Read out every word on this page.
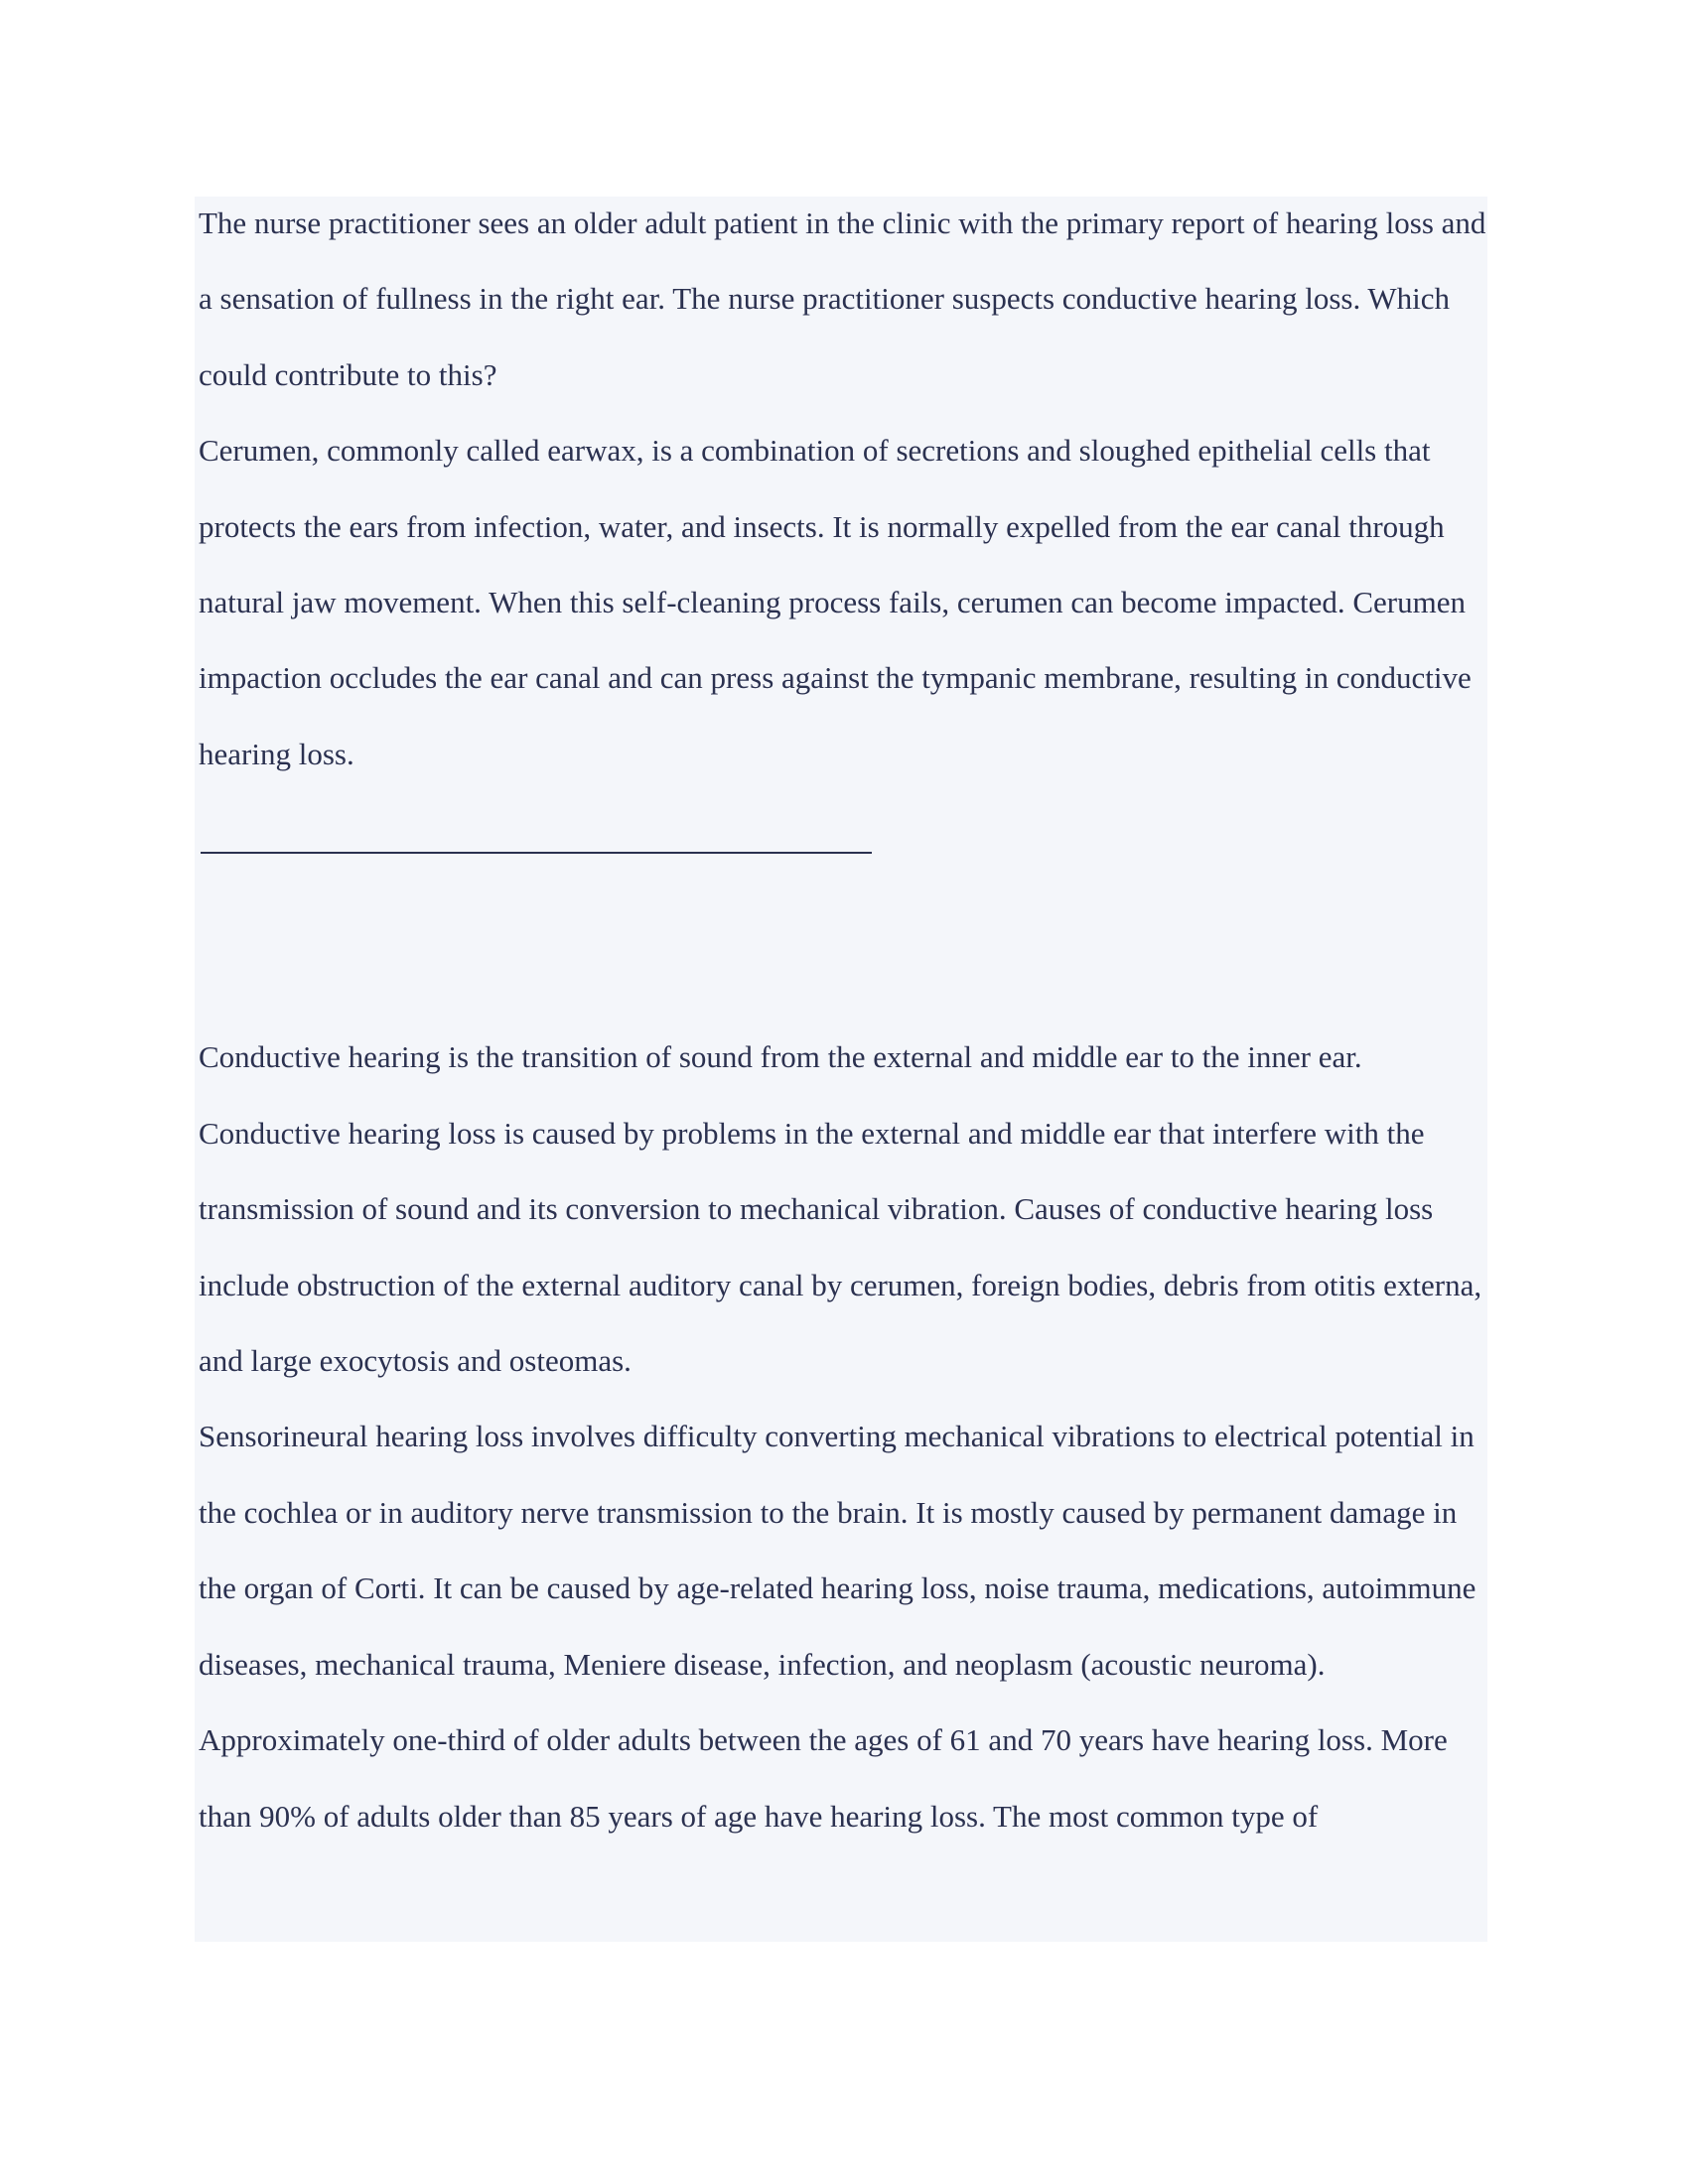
The nurse practitioner sees an older adult patient in the clinic with the primary report of hearing loss and a sensation of fullness in the right ear. The nurse practitioner suspects conductive hearing loss. Which could contribute to this?

Cerumen, commonly called earwax, is a combination of secretions and sloughed epithelial cells that protects the ears from infection, water, and insects. It is normally expelled from the ear canal through natural jaw movement. When this self-cleaning process fails, cerumen can become impacted. Cerumen impaction occludes the ear canal and can press against the tympanic membrane, resulting in conductive hearing loss.

Conductive hearing is the transition of sound from the external and middle ear to the inner ear. Conductive hearing loss is caused by problems in the external and middle ear that interfere with the transmission of sound and its conversion to mechanical vibration. Causes of conductive hearing loss include obstruction of the external auditory canal by cerumen, foreign bodies, debris from otitis externa, and large exocytosis and osteomas.

Sensorineural hearing loss involves difficulty converting mechanical vibrations to electrical potential in the cochlea or in auditory nerve transmission to the brain. It is mostly caused by permanent damage in the organ of Corti. It can be caused by age-related hearing loss, noise trauma, medications, autoimmune diseases, mechanical trauma, Meniere disease, infection, and neoplasm (acoustic neuroma).

Approximately one-third of older adults between the ages of 61 and 70 years have hearing loss. More than 90% of adults older than 85 years of age have hearing loss. The most common type of
